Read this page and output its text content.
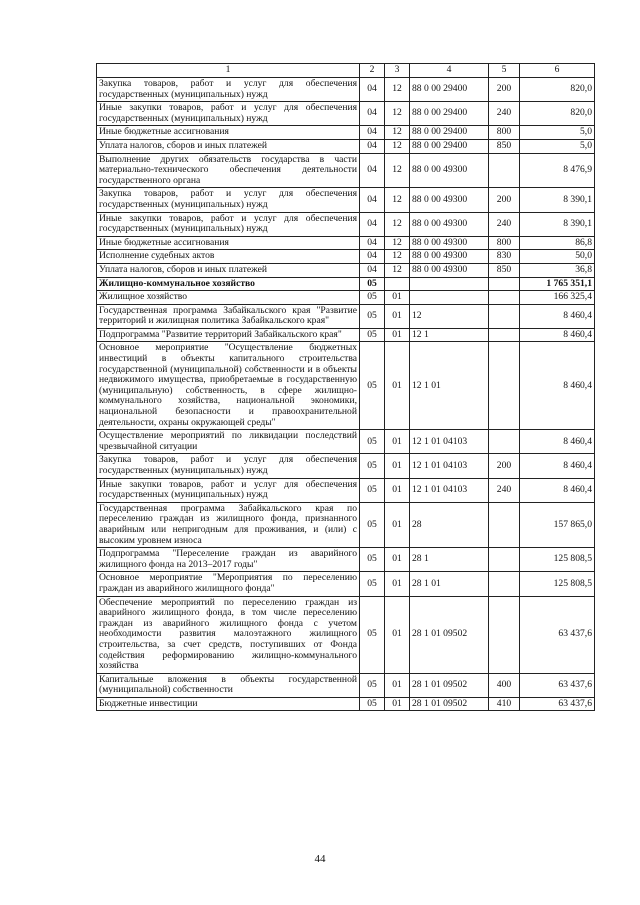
1	2	3	4	5	6
Закупка товаров, работ и услуг для обеспечения государственных (муниципальных) нужд	04	12	88 0 00 29400	200	820,0
Иные закупки товаров, работ и услуг для обеспечения государственных (муниципальных) нужд	04	12	88 0 00 29400	240	820,0
Иные бюджетные ассигнования	04	12	88 0 00 29400	800	5,0
Уплата налогов, сборов и иных платежей	04	12	88 0 00 29400	850	5,0
Выполнение других обязательств государства в части материально-технического обеспечения деятельности государственного органа	04	12	88 0 00 49300		8 476,9
Закупка товаров, работ и услуг для обеспечения государственных (муниципальных) нужд	04	12	88 0 00 49300	200	8 390,1
Иные закупки товаров, работ и услуг для обеспечения государственных (муниципальных) нужд	04	12	88 0 00 49300	240	8 390,1
Иные бюджетные ассигнования	04	12	88 0 00 49300	800	86,8
Исполнение судебных актов	04	12	88 0 00 49300	830	50,0
Уплата налогов, сборов и иных платежей	04	12	88 0 00 49300	850	36,8
Жилищно-коммунальное хозяйство	05				1 765 351,1
Жилищное хозяйство	05	01			166 325,4
Государственная программа Забайкальского края "Развитие территорий и жилищная политика Забайкальского края"	05	01	12		8 460,4
Подпрограмма "Развитие территорий Забайкальского края"	05	01	12 1		8 460,4
Основное мероприятие "Осуществление бюджетных инвестиций в объекты капитального строительства государственной (муниципальной) собственности и в объекты недвижимого имущества, приобретаемые в государственную (муниципальную) собственность, в сфере жилищно-коммунального хозяйства, национальной экономики, национальной безопасности и правоохранительной деятельности, охраны окружающей среды"	05	01	12 1 01		8 460,4
Осуществление мероприятий по ликвидации последствий чрезвычайной ситуации	05	01	12 1 01 04103		8 460,4
Закупка товаров, работ и услуг для обеспечения государственных (муниципальных) нужд	05	01	12 1 01 04103	200	8 460,4
Иные закупки товаров, работ и услуг для обеспечения государственных (муниципальных) нужд	05	01	12 1 01 04103	240	8 460,4
Государственная программа Забайкальского края по переселению граждан из жилищного фонда, признанного аварийным или непригодным для проживания, и (или) с высоким уровнем износа	05	01	28		157 865,0
Подпрограмма "Переселение граждан из аварийного жилищного фонда на 2013–2017 годы"	05	01	28 1		125 808,5
Основное мероприятие "Мероприятия по переселению граждан из аварийного жилищного фонда"	05	01	28 1 01		125 808,5
Обеспечение мероприятий по переселению граждан из аварийного жилищного фонда, в том числе переселению граждан из аварийного жилищного фонда с учетом необходимости развития малоэтажного жилищного строительства, за счет средств, поступивших от Фонда содействия реформированию жилищно-коммунального хозяйства	05	01	28 1 01 09502		63 437,6
Капитальные вложения в объекты государственной (муниципальной) собственности	05	01	28 1 01 09502	400	63 437,6
Бюджетные инвестиции	05	01	28 1 01 09502	410	63 437,6
44
